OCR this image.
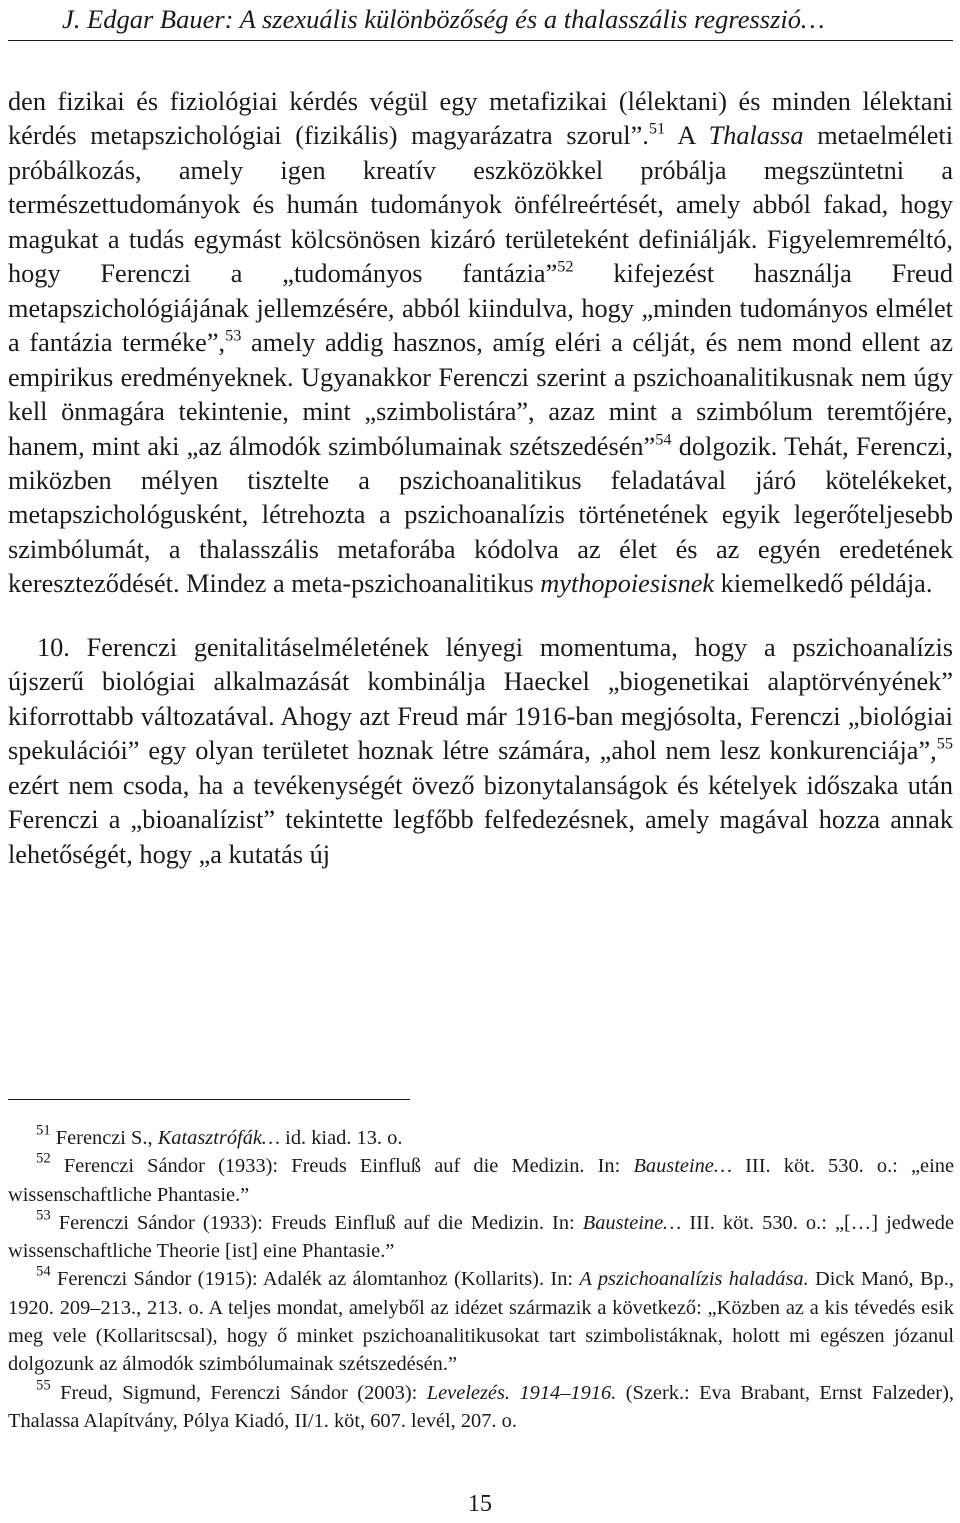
J. Edgar Bauer: A szexuális különbözőség és a thalasszális regresszió…

den fizikai és fiziológiai kérdés végül egy metafizikai (lélektani) és minden lélektani kérdés metapszichológiai (fizikális) magyarázatra szorul”.$^{51}$ A Thalassa metaelméleti próbálkozás, amely igen kreatív eszközökkel próbálja megszüntetni a természettudományok és humán tudományok önfélreértését, amely abból fakad, hogy magukat a tudás egymást kölcsönösen kizáró területeként definiálják. Figyelemreméltó, hogy Ferenczi a „tudományos fantázia”$^{52}$ kifejezést használja Freud metapszichológiájának jellemzésére, abból kiindulva, hogy „minden tudományos elmélet a fantázia terméke”,$^{53}$ amely addig hasznos, amíg eléri a célját, és nem mond ellent az empirikus eredményeknek. Ugyanakkor Ferenczi szerint a pszichoanalitikusnak nem úgy kell önmagára tekintenie, mint „szimbolistára”, azaz mint a szimbólum teremtőjére, hanem, mint aki „az álmodók szimbólumainak szétszedésén”$^{54}$ dolgozik. Tehát, Ferenczi, miközben mélyen tisztelte a pszichoanalitikus feladatával járó kötelékeket, metapszichológusként, létrehozta a pszichoanalízis történetének egyik legerőteljesebb szimbólumát, a thalasszális metaforába kódolva az élet és az egyén eredetének kereszteződését. Mindez a meta-pszichoanalitikus mythopoiesisnek kiemelkedő példája.

10. Ferenczi genitalitáselméletének lényegi momentuma, hogy a pszichoanalízis újszerű biológiai alkalmazását kombinálja Haeckel „biogenetikai alaptörvényének” kiforrottabb változatával. Ahogy azt Freud már 1916-ban megjósolta, Ferenczi „biológiai spekulációi” egy olyan területet hoznak létre számára, „ahol nem lesz konkurenciája”,$^{55}$ ezért nem csoda, ha a tevékenységét övező bizonytalanságok és kételyek időszaka után Ferenczi a „bioanalízist” tekintette legfőbb felfedezésnek, amely magával hozza annak lehetőségét, hogy „a kutatás új

$^{51}$ Ferenczi S., Katasztrófák… id. kiad. 13. o.

$^{52}$ Ferenczi Sándor (1933): Freuds Einfluß auf die Medizin. In: Bausteine… III. köt. 530. o.: „eine wissenschaftliche Phantasie.”

$^{53}$ Ferenczi Sándor (1933): Freuds Einfluß auf die Medizin. In: Bausteine… III. köt. 530. o.: „[…] jedwede wissenschaftliche Theorie [ist] eine Phantasie.”

$^{54}$ Ferenczi Sándor (1915): Adalék az álomtanhoz (Kollarits). In: A pszichoanalízis haladása. Dick Manó, Bp., 1920. 209–213., 213. o. A teljes mondat, amelyből az idézet származik a következő: „Közben az a kis tévedés esik meg vele (Kollaritscsal), hogy ő minket pszichoanalitikusokat tart szimbolistáknak, holott mi egészen józanul dolgozunk az álmodók szimbólumainak szétszedésén.”

$^{55}$ Freud, Sigmund, Ferenczi Sándor (2003): Levelezés. 1914–1916. (Szerk.: Eva Brabant, Ernst Falzeder), Thalassa Alapítvány, Pólya Kiadó, II/1. köt, 607. levél, 207. o.

15
